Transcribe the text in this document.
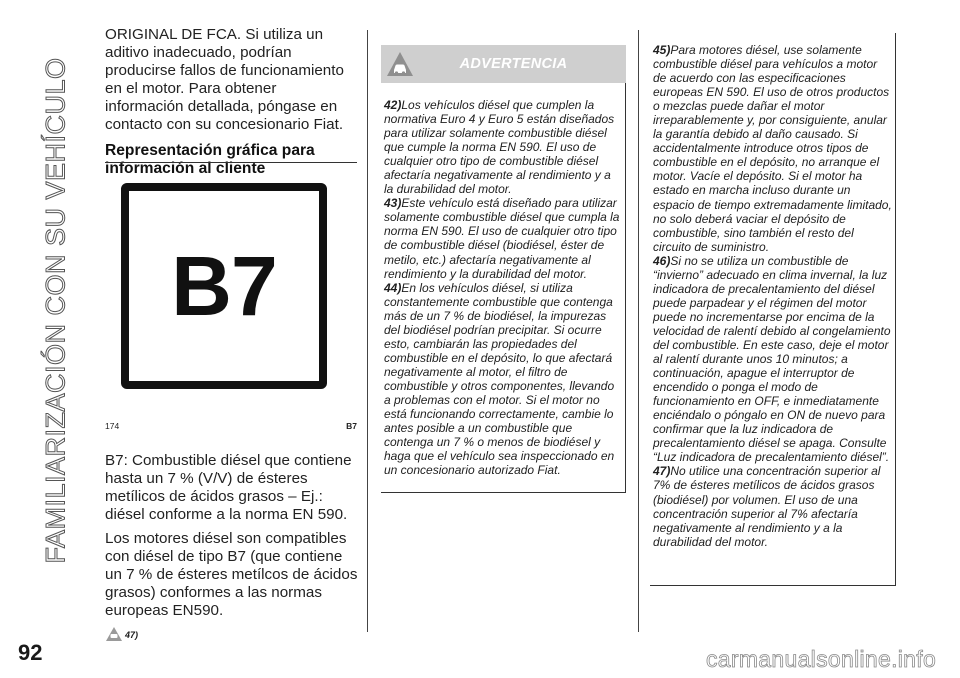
FAMILIARIZACIÓN CON SU VEHÍCULO
92

ORIGINAL DE FCA. Si utiliza un aditivo inadecuado, podrían producirse fallos de funcionamiento en el motor. Para obtener información detallada, póngase en contacto con su concesionario Fiat.

Representación gráfica para información al cliente

B7
174	B7

B7: Combustible diésel que contiene hasta un 7 % (V/V) de ésteres metílicos de ácidos grasos – Ej.: diésel conforme a la norma EN 590.

Los motores diésel son compatibles con diésel de tipo B7 (que contiene un 7 % de ésteres metílcos de ácidos grasos) conformes a las normas europeas EN590.

47)
ADVERTENCIA

42)Los vehículos diésel que cumplen la normativa Euro 4 y Euro 5 están diseñados para utilizar solamente combustible diésel que cumple la norma EN 590. El uso de cualquier otro tipo de combustible diésel afectaría negativamente al rendimiento y a la durabilidad del motor.

43)Este vehículo está diseñado para utilizar solamente combustible diésel que cumpla la norma EN 590. El uso de cualquier otro tipo de combustible diésel (biodiésel, éster de metilo, etc.) afectaría negativamente al rendimiento y la durabilidad del motor.

44)En los vehículos diésel, si utiliza constantemente combustible que contenga más de un 7 % de biodiésel, la impurezas del biodiésel podrían precipitar. Si ocurre esto, cambiarán las propiedades del combustible en el depósito, lo que afectará negativamente al motor, el filtro de combustible y otros componentes, llevando a problemas con el motor. Si el motor no está funcionando correctamente, cambie lo antes posible a un combustible que contenga un 7 % o menos de biodiésel y haga que el vehículo sea inspeccionado en un concesionario autorizado Fiat.

45)Para motores diésel, use solamente combustible diésel para vehículos a motor de acuerdo con las especificaciones europeas EN 590. El uso de otros productos o mezclas puede dañar el motor irreparablemente y, por consiguiente, anular la garantía debido al daño causado. Si accidentalmente introduce otros tipos de combustible en el depósito, no arranque el motor. Vacíe el depósito. Si el motor ha estado en marcha incluso durante un espacio de tiempo extremadamente limitado, no solo deberá vaciar el depósito de combustible, sino también el resto del circuito de suministro.

46)Si no se utiliza un combustible de “invierno” adecuado en clima invernal, la luz indicadora de precalentamiento del diésel puede parpadear y el régimen del motor puede no incrementarse por encima de la velocidad de ralentí debido al congelamiento del combustible. En este caso, deje el motor al ralentí durante unos 10 minutos; a continuación, apague el interruptor de encendido o ponga el modo de funcionamiento en OFF, e inmediatamente enciéndalo o póngalo en ON de nuevo para confirmar que la luz indicadora de precalentamiento diésel se apaga. Consulte “Luz indicadora de precalentamiento diésel”.

47)No utilice una concentración superior al 7% de ésteres metílicos de ácidos grasos (biodiésel) por volumen. El uso de una concentración superior al 7% afectaría negativamente al rendimiento y a la durabilidad del motor.

carmanualsonline.info
